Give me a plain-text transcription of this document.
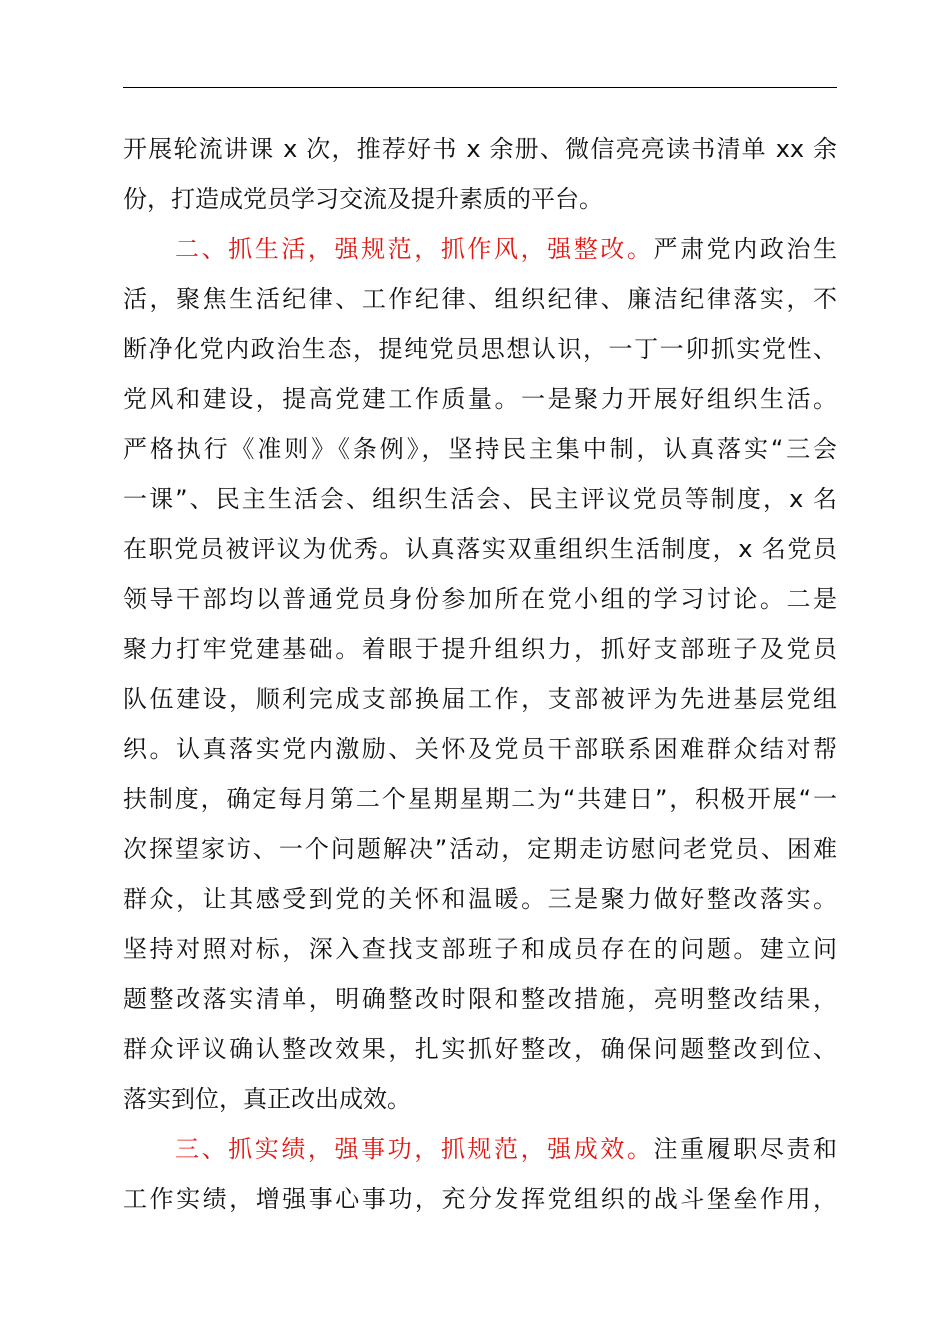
开展轮流讲课 x 次，推荐好书 x 余册、微信亮亮读书清单 xx 余
份，打造成党员学习交流及提升素质的平台。
二、抓生活，强规范，抓作风，强整改。严肃党内政治生
活，聚焦生活纪律、工作纪律、组织纪律、廉洁纪律落实，不
断净化党内政治生态，提纯党员思想认识，一丁一卯抓实党性、
党风和建设，提高党建工作质量。一是聚力开展好组织生活。
严格执行《准则》《条例》，坚持民主集中制，认真落实“三会
一课”、民主生活会、组织生活会、民主评议党员等制度，x 名
在职党员被评议为优秀。认真落实双重组织生活制度，x 名党员
领导干部均以普通党员身份参加所在党小组的学习讨论。二是
聚力打牢党建基础。着眼于提升组织力，抓好支部班子及党员
队伍建设，顺利完成支部换届工作，支部被评为先进基层党组
织。认真落实党内激励、关怀及党员干部联系困难群众结对帮
扶制度，确定每月第二个星期星期二为“共建日”，积极开展“一
次探望家访、一个问题解决”活动，定期走访慰问老党员、困难
群众，让其感受到党的关怀和温暖。三是聚力做好整改落实。
坚持对照对标，深入查找支部班子和成员存在的问题。建立问
题整改落实清单，明确整改时限和整改措施，亮明整改结果，
群众评议确认整改效果，扎实抓好整改，确保问题整改到位、
落实到位，真正改出成效。
三、抓实绩，强事功，抓规范，强成效。注重履职尽责和
工作实绩，增强事心事功，充分发挥党组织的战斗堡垒作用，
